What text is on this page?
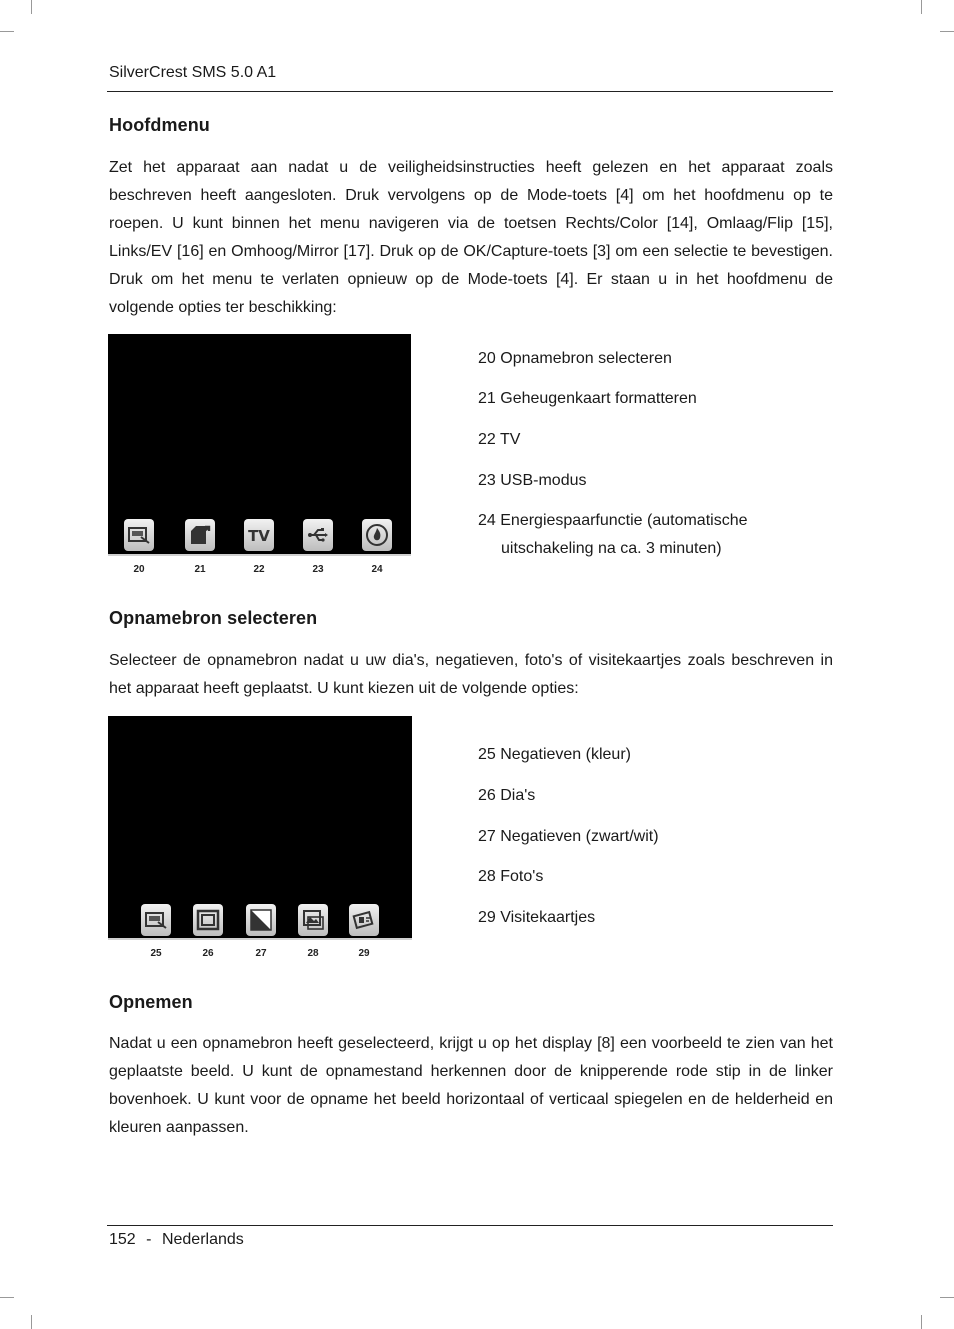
SilverCrest SMS 5.0 A1
Hoofdmenu

Zet het apparaat aan nadat u de veiligheidsinstructies heeft gelezen en het apparaat zoals beschreven heeft aangesloten. Druk vervolgens op de Mode-toets [4] om het hoofdmenu op te roepen. U kunt binnen het menu navigeren via de toetsen Rechts/Color [14], Omlaag/Flip [15], Links/EV [16] en Omhoog/Mirror [17]. Druk op de OK/Capture-toets [3] om een selectie te bevestigen. Druk om het menu te verlaten opnieuw op de Mode-toets [4]. Er staan u in het hoofdmenu de volgende opties ter beschikking:

TV
20	21	22	23	24
20 Opnamebron selecteren
21 Geheugenkaart formatteren
22 TV
23 USB-modus
24 Energiespaarfunctie (automatische
uitschakeling na ca. 3 minuten)
Opnamebron selecteren

Selecteer de opnamebron nadat u uw dia's, negatieven, foto's of visitekaartjes zoals beschreven in het apparaat heeft geplaatst. U kunt kiezen uit de volgende opties:

25	26	27	28	29
25 Negatieven (kleur)
26 Dia's
27 Negatieven (zwart/wit)
28 Foto's
29 Visitekaartjes
Opnemen

Nadat u een opnamebron heeft geselecteerd, krijgt u op het display [8] een voorbeeld te zien van het geplaatste beeld. U kunt de opnamestand herkennen door de knipperende rode stip in de linker bovenhoek. U kunt voor de opname het beeld horizontaal of verticaal spiegelen en de helderheid en kleuren aanpassen.

152 - Nederlands
